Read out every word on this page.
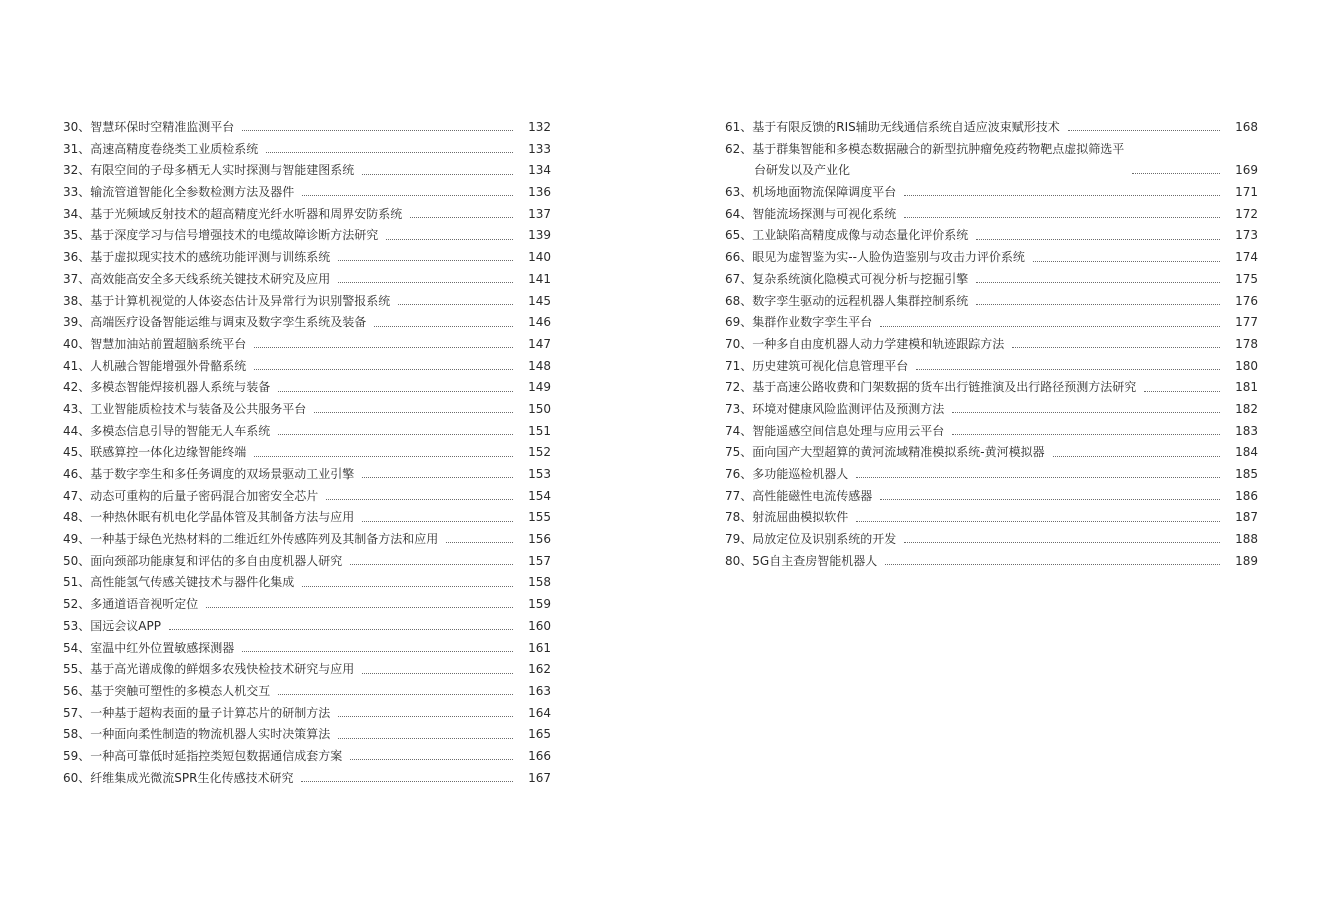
30、智慧环保时空精准监测平台	132
31、高速高精度卷绕类工业质检系统	133
32、有限空间的子母多栖无人实时探测与智能建图系统	134
33、输流管道智能化全参数检测方法及器件	136
34、基于光频域反射技术的超高精度光纤水听器和周界安防系统	137
35、基于深度学习与信号增强技术的电缆故障诊断方法研究	139
36、基于虚拟现实技术的感统功能评测与训练系统	140
37、高效能高安全多天线系统关键技术研究及应用	141
38、基于计算机视觉的人体姿态估计及异常行为识别警报系统	145
39、高端医疗设备智能运维与调束及数字孪生系统及装备	146
40、智慧加油站前置超脑系统平台	147
41、人机融合智能增强外骨骼系统	148
42、多模态智能焊接机器人系统与装备	149
43、工业智能质检技术与装备及公共服务平台	150
44、多模态信息引导的智能无人车系统	151
45、联感算控一体化边缘智能终端	152
46、基于数字孪生和多任务调度的双场景驱动工业引擎	153
47、动态可重构的后量子密码混合加密安全芯片	154
48、一种热休眠有机电化学晶体管及其制备方法与应用	155
49、一种基于绿色光热材料的二维近红外传感阵列及其制备方法和应用	156
50、面向颈部功能康复和评估的多自由度机器人研究	157
51、高性能氢气传感关键技术与器件化集成	158
52、多通道语音视听定位	159
53、国远会议APP	160
54、室温中红外位置敏感探测器	161
55、基于高光谱成像的鲜烟多农残快检技术研究与应用	162
56、基于突触可塑性的多模态人机交互	163
57、一种基于超构表面的量子计算芯片的研制方法	164
58、一种面向柔性制造的物流机器人实时决策算法	165
59、一种高可靠低时延指控类短包数据通信成套方案	166
60、纤维集成光微流SPR生化传感技术研究	167
61、基于有限反馈的RIS辅助无线通信系统自适应波束赋形技术	168
62、基于群集智能和多模态数据融合的新型抗肿瘤免疫药物靶点虚拟筛选平
台研发以及产业化	169
63、机场地面物流保障调度平台	171
64、智能流场探测与可视化系统	172
65、工业缺陷高精度成像与动态量化评价系统	173
66、眼见为虚智鉴为实--人脸伪造鉴别与攻击力评价系统	174
67、复杂系统演化隐模式可视分析与挖掘引擎	175
68、数字孪生驱动的远程机器人集群控制系统	176
69、集群作业数字孪生平台	177
70、一种多自由度机器人动力学建模和轨迹跟踪方法	178
71、历史建筑可视化信息管理平台	180
72、基于高速公路收费和门架数据的货车出行链推演及出行路径预测方法研究	181
73、环境对健康风险监测评估及预测方法	182
74、智能遥感空间信息处理与应用云平台	183
75、面向国产大型超算的黄河流域精准模拟系统-黄河模拟器	184
76、多功能巡检机器人	185
77、高性能磁性电流传感器	186
78、射流屈曲模拟软件	187
79、局放定位及识别系统的开发	188
80、5G自主查房智能机器人	189
